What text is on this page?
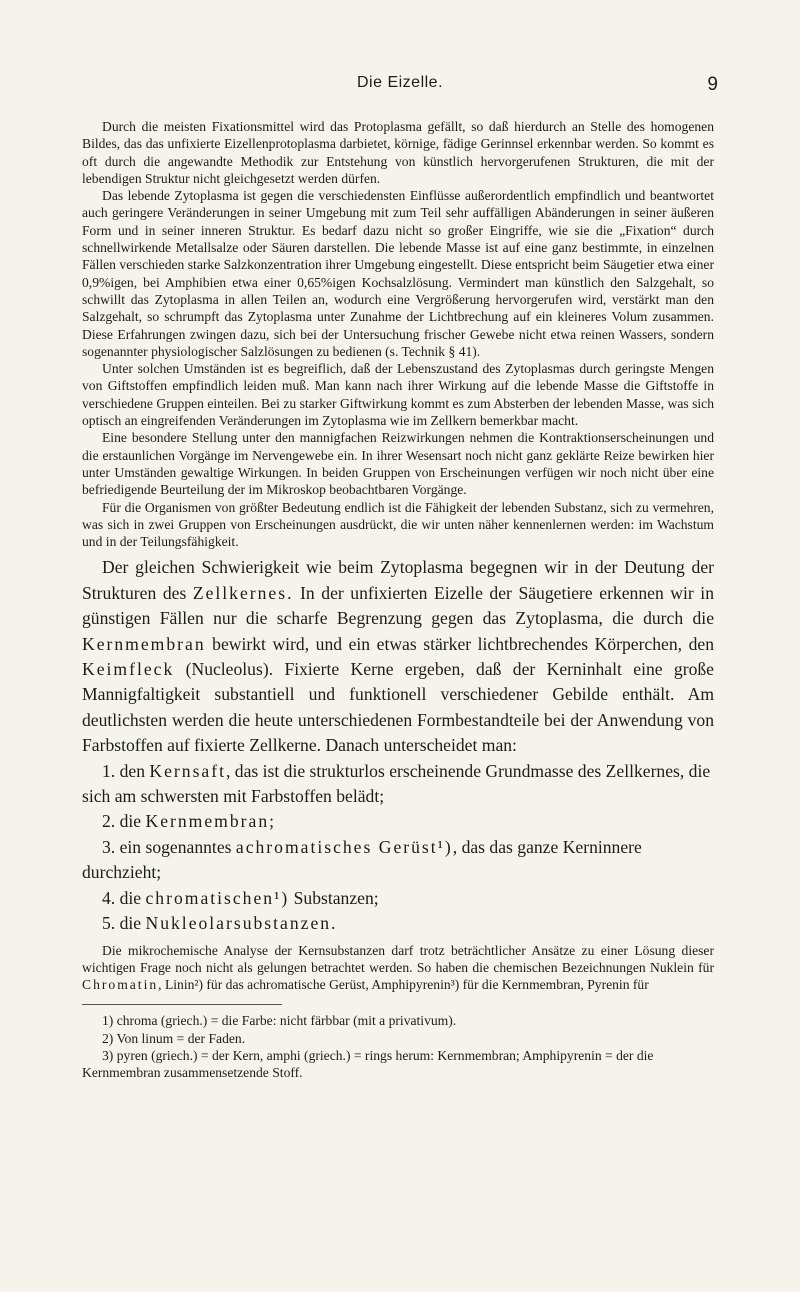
Die Eizelle.	9

Durch die meisten Fixationsmittel wird das Protoplasma gefällt, so daß hierdurch an Stelle des homogenen Bildes, das das unfixierte Eizellenprotoplasma darbietet, körnige, fädige Gerinnsel erkennbar werden. So kommt es oft durch die angewandte Methodik zur Entstehung von künstlich hervorgerufenen Strukturen, die mit der lebendigen Struktur nicht gleichgesetzt werden dürfen.

Das lebende Zytoplasma ist gegen die verschiedensten Einflüsse außerordentlich empfindlich und beantwortet auch geringere Veränderungen in seiner Umgebung mit zum Teil sehr auffälligen Abänderungen in seiner äußeren Form und in seiner inneren Struktur. Es bedarf dazu nicht so großer Eingriffe, wie sie die „Fixation“ durch schnellwirkende Metallsalze oder Säuren darstellen. Die lebende Masse ist auf eine ganz bestimmte, in einzelnen Fällen verschieden starke Salzkonzentration ihrer Umgebung eingestellt. Diese entspricht beim Säugetier etwa einer 0,9%igen, bei Amphibien etwa einer 0,65%igen Kochsalzlösung. Vermindert man künstlich den Salzgehalt, so schwillt das Zytoplasma in allen Teilen an, wodurch eine Vergrößerung hervorgerufen wird, verstärkt man den Salzgehalt, so schrumpft das Zytoplasma unter Zunahme der Lichtbrechung auf ein kleineres Volum zusammen. Diese Erfahrungen zwingen dazu, sich bei der Untersuchung frischer Gewebe nicht etwa reinen Wassers, sondern sogenannter physiologischer Salzlösungen zu bedienen (s. Technik § 41).

Unter solchen Umständen ist es begreiflich, daß der Lebenszustand des Zytoplasmas durch geringste Mengen von Giftstoffen empfindlich leiden muß. Man kann nach ihrer Wirkung auf die lebende Masse die Giftstoffe in verschiedene Gruppen einteilen. Bei zu starker Giftwirkung kommt es zum Absterben der lebenden Masse, was sich optisch an eingreifenden Veränderungen im Zytoplasma wie im Zellkern bemerkbar macht.

Eine besondere Stellung unter den mannigfachen Reizwirkungen nehmen die Kontraktionserscheinungen und die erstaunlichen Vorgänge im Nervengewebe ein. In ihrer Wesensart noch nicht ganz geklärte Reize bewirken hier unter Umständen gewaltige Wirkungen. In beiden Gruppen von Erscheinungen verfügen wir noch nicht über eine befriedigende Beurteilung der im Mikroskop beobachtbaren Vorgänge.

Für die Organismen von größter Bedeutung endlich ist die Fähigkeit der lebenden Substanz, sich zu vermehren, was sich in zwei Gruppen von Erscheinungen ausdrückt, die wir unten näher kennenlernen werden: im Wachstum und in der Teilungsfähigkeit.

Der gleichen Schwierigkeit wie beim Zytoplasma begegnen wir in der Deutung der Strukturen des Zellkernes. In der unfixierten Eizelle der Säugetiere erkennen wir in günstigen Fällen nur die scharfe Begrenzung gegen das Zytoplasma, die durch die Kernmembran bewirkt wird, und ein etwas stärker lichtbrechendes Körperchen, den Keimfleck (Nucleolus). Fixierte Kerne ergeben, daß der Kerninhalt eine große Mannigfaltigkeit substantiell und funktionell verschiedener Gebilde enthält. Am deutlichsten werden die heute unterschiedenen Formbestandteile bei der Anwendung von Farbstoffen auf fixierte Zellkerne. Danach unterscheidet man:

1. den Kernsaft, das ist die strukturlos erscheinende Grundmasse des Zellkernes, die sich am schwersten mit Farbstoffen belädt;
2. die Kernmembran;
3. ein sogenanntes achromatisches Gerüst¹), das das ganze Kerninnere durchzieht;
4. die chromatischen¹) Substanzen;
5. die Nukleolarsubstanzen.

Die mikrochemische Analyse der Kernsubstanzen darf trotz beträchtlicher Ansätze zu einer Lösung dieser wichtigen Frage noch nicht als gelungen betrachtet werden. So haben die chemischen Bezeichnungen Nuklein für Chromatin, Linin²) für das achromatische Gerüst, Amphipyrenin³) für die Kernmembran, Pyrenin für

1) chroma (griech.) = die Farbe: nicht färbbar (mit a privativum).

2) Von linum = der Faden.

3) pyren (griech.) = der Kern, amphi (griech.) = rings herum: Kernmembran; Amphipyrenin = der die Kernmembran zusammensetzende Stoff.
